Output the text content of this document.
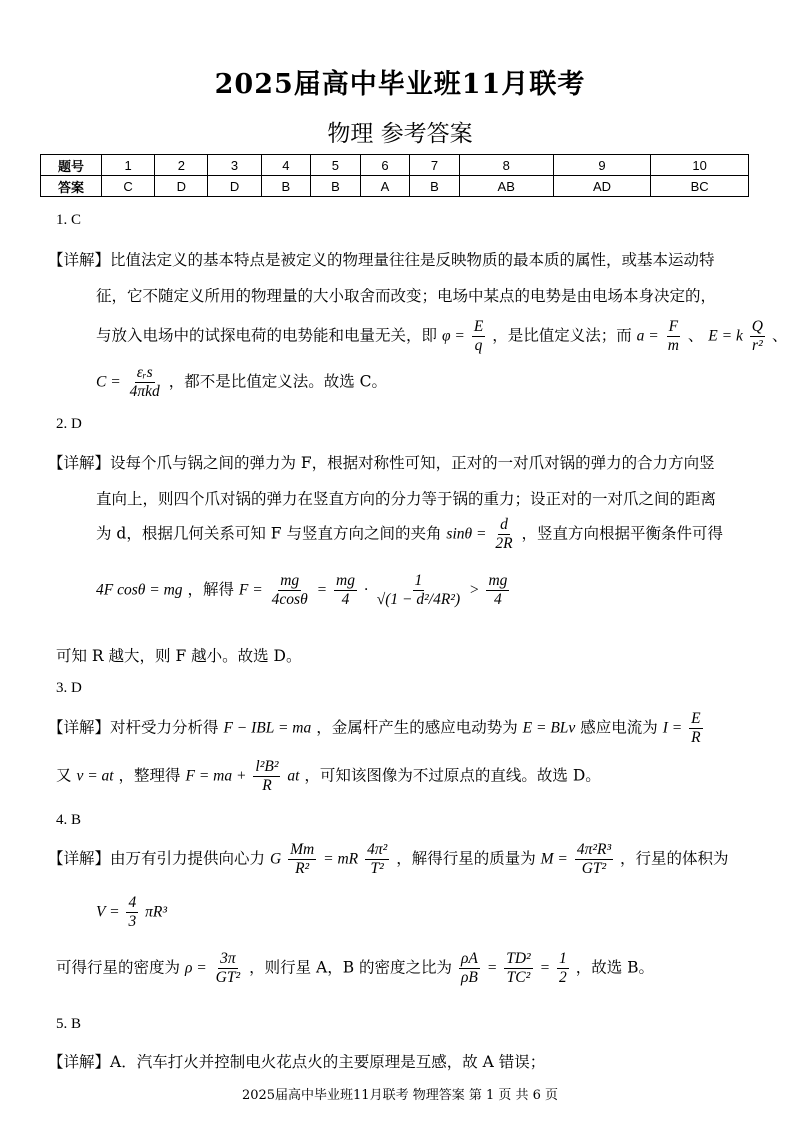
2025届高中毕业班11月联考
物理 参考答案
题号	1	2	3	4	5	6	7	8	9	10
答案	C	D	D	B	B	A	B	AB	AD	BC
1. C
【详解】比值法定义的基本特点是被定义的物理量往往是反映物质的最本质的属性，或基本运动特
征，它不随定义所用的物理量的大小取舍而改变；电场中某点的电势是由电场本身决定的，
与放入电场中的试探电荷的电势能和电量无关，即 $\varphi = \frac{E}{q}$ ，是比值定义法；而 $a = \frac{F}{m}$ 、 E = k $\frac{Q}{\text{r²}}$ 、
$C = \frac{\text{εᵣs}}{\text{4πkd}}$ ，都不是比值定义法。故选 C。
2. D
【详解】设每个爪与锅之间的弹力为 F，根据对称性可知，正对的一对爪对锅的弹力的合力方向竖
直向上，则四个爪对锅的弹力在竖直方向的分力等于锅的重力；设正对的一对爪之间的距离
为 d，根据几何关系可知 F 与竖直方向之间的夹角 $\sin\theta = \frac{d}{2R}$ ，竖直方向根据平衡条件可得
4F cosθ = mg ，解得 $F = \frac{mg}{4\cos\theta} = \frac{mg}{4} \cdot \frac{1}{\text{√(1 − d²/4R²)}} > \frac{mg}{4}$
可知 R 越大，则 F 越小。故选 D。
3. D
【详解】对杆受力分析得 F − IBL = ma ，金属杆产生的感应电动势为 E = BLv 感应电流为 $I = \frac{E}{R}$
又 v = at ，整理得 F = ma + $\frac{\text{l²B²}}{R}$ at ，可知该图像为不过原点的直线。故选 D。
4. B
【详解】由万有引力提供向心力 G $\frac{Mm}{\text{R²}}$ = mR $\frac{\text{4π²}}{\text{T²}}$ ，解得行星的质量为 $M = \frac{\text{4π²R³}}{\text{GT²}}$ ，行星的体积为
$V = \frac{4}{3} \pi R^3$
可得行星的密度为 $\rho = \frac{3\pi}{\text{GT²}}$ ，则行星 A，B 的密度之比为 $\frac{\rho A}{\rho B} = \frac{\text{TD²}}{\text{TC²}} = \frac{1}{2}$ ，故选 B。
5. B
【详解】A．汽车打火并控制电火花点火的主要原理是互感，故 A 错误；
2025届高中毕业班11月联考 物理答案 第 1 页 共 6 页
